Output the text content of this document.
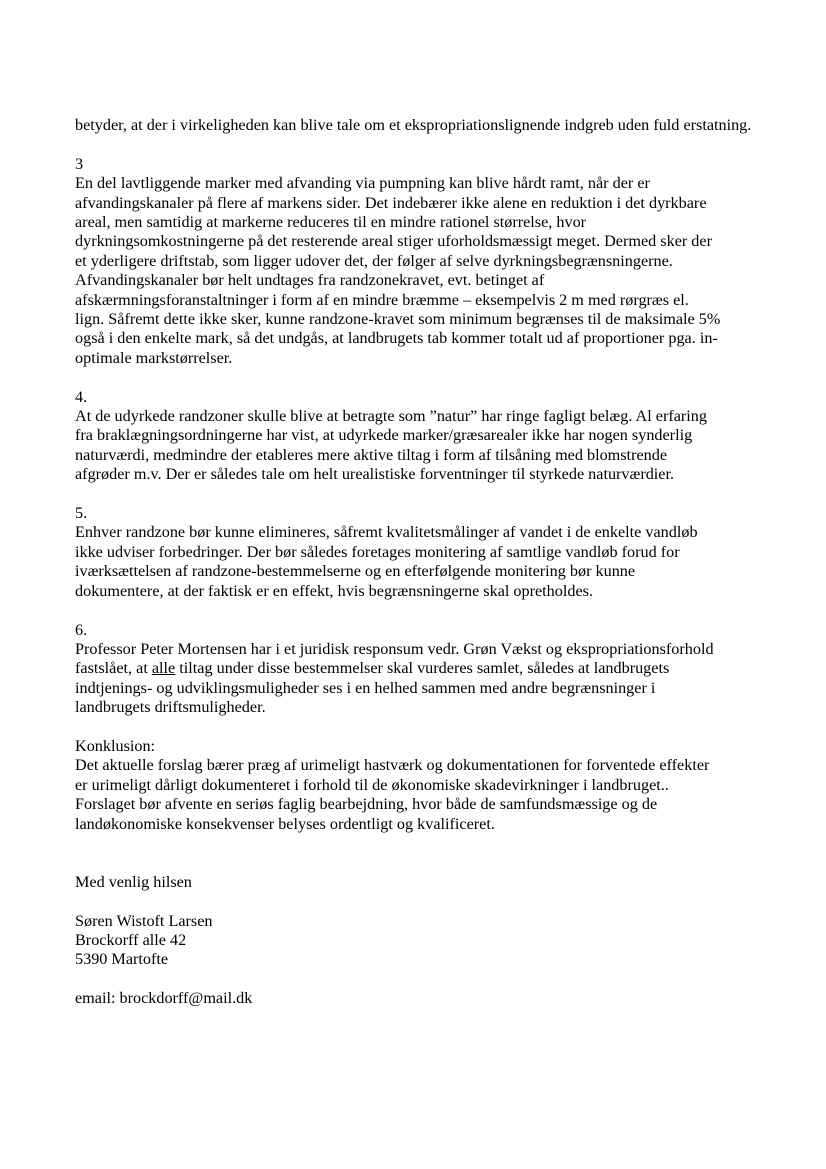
betyder, at der i virkeligheden kan blive tale om et ekspropriationslignende indgreb uden fuld erstatning.

3

En del lavtliggende marker med afvanding via pumpning kan blive hårdt ramt, når der er

afvandingskanaler på flere af markens sider. Det indebærer ikke alene en reduktion i det dyrkbare

areal, men samtidig at markerne reduceres til en mindre rationel størrelse, hvor

dyrkningsomkostningerne på det resterende areal stiger uforholdsmæssigt meget. Dermed sker der

et yderligere driftstab, som ligger udover det, der følger af selve dyrkningsbegrænsningerne.

Afvandingskanaler bør helt undtages fra randzonekravet, evt. betinget af

afskærmningsforanstaltninger i form af en mindre bræmme – eksempelvis 2 m med rørgræs el.

lign. Såfremt dette ikke sker, kunne randzone-kravet som minimum begrænses til de maksimale 5%

også i den enkelte mark, så det undgås, at landbrugets tab kommer totalt ud af proportioner pga. in-

optimale markstørrelser.

4.

At de udyrkede randzoner skulle blive at betragte som ”natur” har ringe fagligt belæg. Al erfaring

fra braklægningsordningerne har vist, at udyrkede marker/græsarealer ikke har nogen synderlig

naturværdi, medmindre der etableres mere aktive tiltag i form af tilsåning med blomstrende

afgrøder m.v. Der er således tale om helt urealistiske forventninger til styrkede naturværdier.

5.

Enhver randzone bør kunne elimineres, såfremt kvalitetsmålinger af vandet i de enkelte vandløb

ikke udviser forbedringer. Der bør således foretages monitering af samtlige vandløb forud for

iværksættelsen af randzone-bestemmelserne og en efterfølgende monitering bør kunne

dokumentere, at der faktisk er en effekt, hvis begrænsningerne skal opretholdes.

6.

Professor Peter Mortensen har i et juridisk responsum vedr. Grøn Vækst og ekspropriationsforhold

fastslået, at alle tiltag under disse bestemmelser skal vurderes samlet, således at landbrugets

indtjenings- og udviklingsmuligheder ses i en helhed sammen med andre begrænsninger i

landbrugets driftsmuligheder.

Konklusion:

Det aktuelle forslag bærer præg af urimeligt hastværk og dokumentationen for forventede effekter

er urimeligt dårligt dokumenteret i forhold til de økonomiske skadevirkninger i landbruget..

Forslaget bør afvente en seriøs faglig bearbejdning, hvor både de samfundsmæssige og de

landøkonomiske konsekvenser belyses ordentligt og kvalificeret.

Med venlig hilsen

Søren Wistoft Larsen

Brockorff alle 42

5390 Martofte

email: brockdorff@mail.dk
